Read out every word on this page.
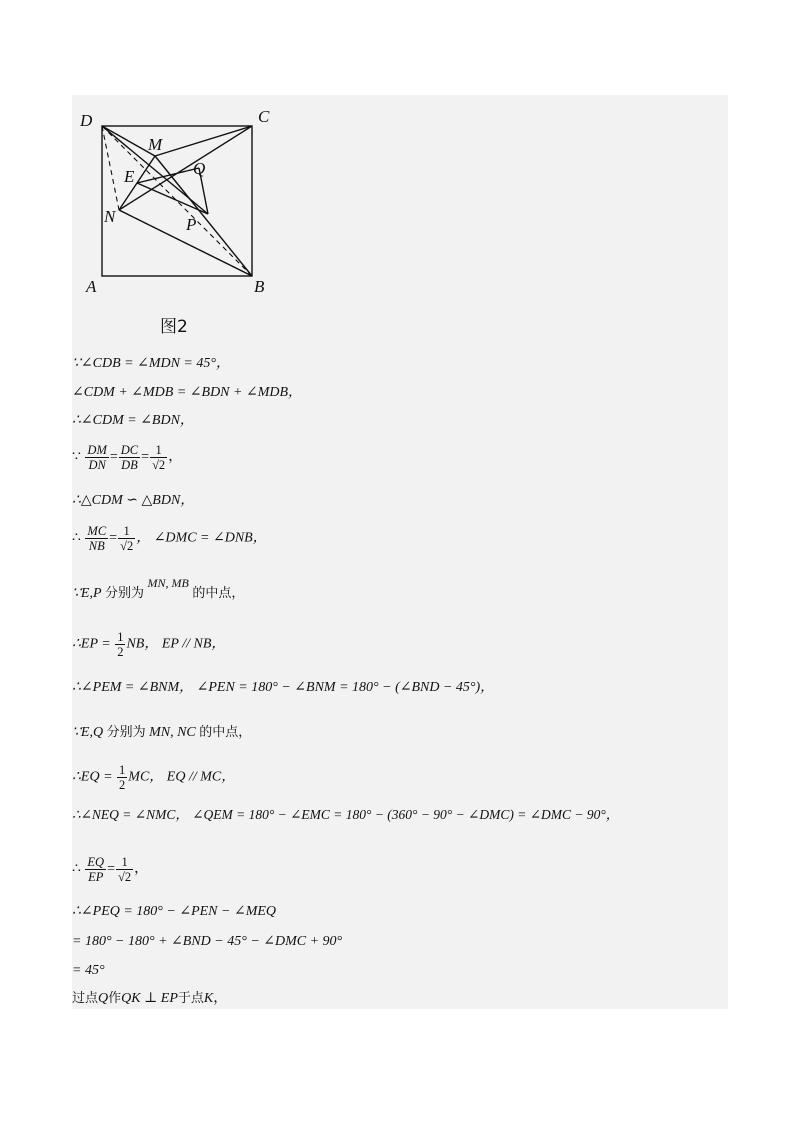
D	C
A	B
M
Q
E
N	P
图2
∵∠CDB = ∠MDN = 45°，
∠CDM + ∠MDB = ∠BDN + ∠MDB，
∴∠CDM = ∠BDN，
∵ $\frac{DM}{DN} = \frac{DC}{DB} = \frac{1}{√2}$ ，
∴△CDM ∽ △BDN，
∴ $\frac{MC}{NB} = \frac{1}{√2}$ ， ∠DMC = ∠DNB，
∵E,P 分别为 MN, MB 的中点，
∴EP = $\frac{1}{2}$ NB， EP // NB，
∴∠PEM = ∠BNM， ∠PEN = 180° − ∠BNM = 180° − (∠BND − 45°)，
∵E,Q 分别为 MN, NC 的中点，
∴EQ = $\frac{1}{2}$ MC， EQ // MC，
∴∠NEQ = ∠NMC， ∠QEM = 180° − ∠EMC = 180° − (360° − 90° − ∠DMC) = ∠DMC − 90°，
∴ $\frac{EQ}{EP} = \frac{1}{√2}$ ，
∴∠PEQ = 180° − ∠PEN − ∠MEQ
= 180° − 180° + ∠BND − 45° − ∠DMC + 90°
= 45°
过点Q作QK ⊥ EP于点K，
